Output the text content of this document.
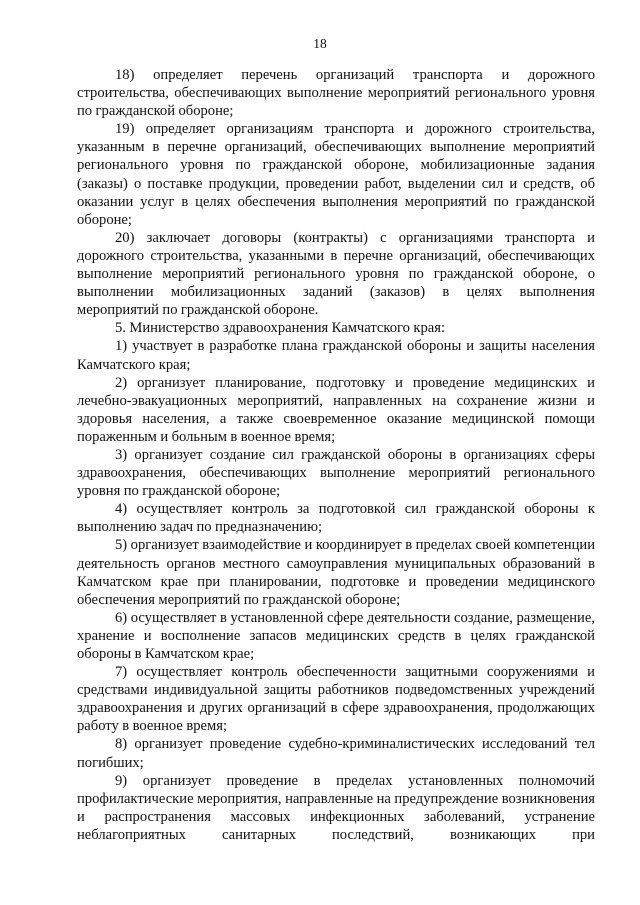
18

18) определяет перечень организаций транспорта и дорожного строительства, обеспечивающих выполнение мероприятий регионального уровня по гражданской обороне;

19) определяет организациям транспорта и дорожного строительства, указанным в перечне организаций, обеспечивающих выполнение мероприятий регионального уровня по гражданской обороне, мобилизационные задания (заказы) о поставке продукции, проведении работ, выделении сил и средств, об оказании услуг в целях обеспечения выполнения мероприятий по гражданской обороне;

20) заключает договоры (контракты) с организациями транспорта и дорожного строительства, указанными в перечне организаций, обеспечивающих выполнение мероприятий регионального уровня по гражданской обороне, о выполнении мобилизационных заданий (заказов) в целях выполнения мероприятий по гражданской обороне.

5. Министерство здравоохранения Камчатского края:

1) участвует в разработке плана гражданской обороны и защиты населения Камчатского края;

2) организует планирование, подготовку и проведение медицинских и лечебно-эвакуационных мероприятий, направленных на сохранение жизни и здоровья населения, а также своевременное оказание медицинской помощи пораженным и больным в военное время;

3) организует создание сил гражданской обороны в организациях сферы здравоохранения, обеспечивающих выполнение мероприятий регионального уровня по гражданской обороне;

4) осуществляет контроль за подготовкой сил гражданской обороны к выполнению задач по предназначению;

5) организует взаимодействие и координирует в пределах своей компетенции деятельность органов местного самоуправления муниципальных образований в Камчатском крае при планировании, подготовке и проведении медицинского обеспечения мероприятий по гражданской обороне;

6) осуществляет в установленной сфере деятельности создание, размещение, хранение и восполнение запасов медицинских средств в целях гражданской обороны в Камчатском крае;

7) осуществляет контроль обеспеченности защитными сооружениями и средствами индивидуальной защиты работников подведомственных учреждений здравоохранения и других организаций в сфере здравоохранения, продолжающих работу в военное время;

8) организует проведение судебно-криминалистических исследований тел погибших;

9) организует проведение в пределах установленных полномочий профилактические мероприятия, направленные на предупреждение возникновения и распространения массовых инфекционных заболеваний, устранение неблагоприятных санитарных последствий, возникающих при
